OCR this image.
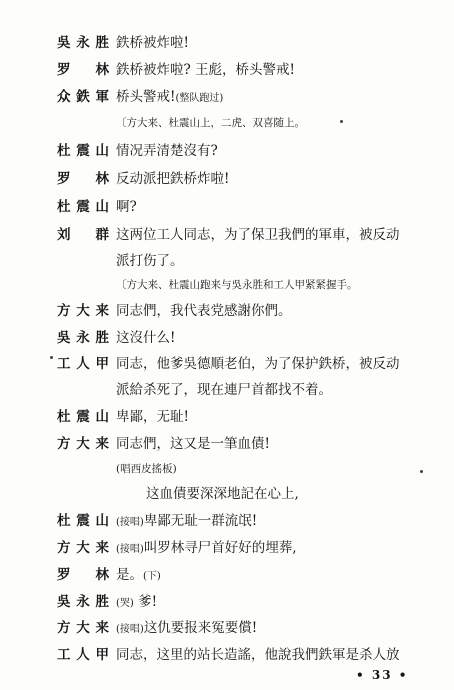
吳永胜 鉄桥被炸啦!
罗　林 鉄桥被炸啦? 王彪，桥头警戒!
众鉄軍 桥头警戒!(整队跑过)
〔方大来、杜震山上，二虎、双喜随上。
杜震山 情况弄清楚沒有?
罗　林 反动派把鉄桥炸啦!
杜震山 啊?
刘　群 这两位工人同志，为了保卫我們的軍車，被反动
派打伤了。
〔方大来、杜震山跑来与吳永胜和工人甲紧紧握手。
方大来 同志們，我代表党感謝你們。
吳永胜 这沒什么!
工人甲 同志，他爹吳德順老伯，为了保护鉄桥，被反动
派給杀死了，现在連尸首都找不着。
杜震山 卑鄙，无耻!
方大来 同志們，这又是一筆血債!
(唱西皮搖板)
这血債要深深地記在心上,
杜震山 (接唱)卑鄙无耻一群流氓!
方大来 (接唱)叫罗林寻尸首好好的埋葬,
罗　林 是。(下)
吳永胜 (哭) 爹!
方大来 (接唱)这仇要报来冤要償!
工人甲 同志，这里的站长造謠，他說我們鉄軍是杀人放
• 33 •
